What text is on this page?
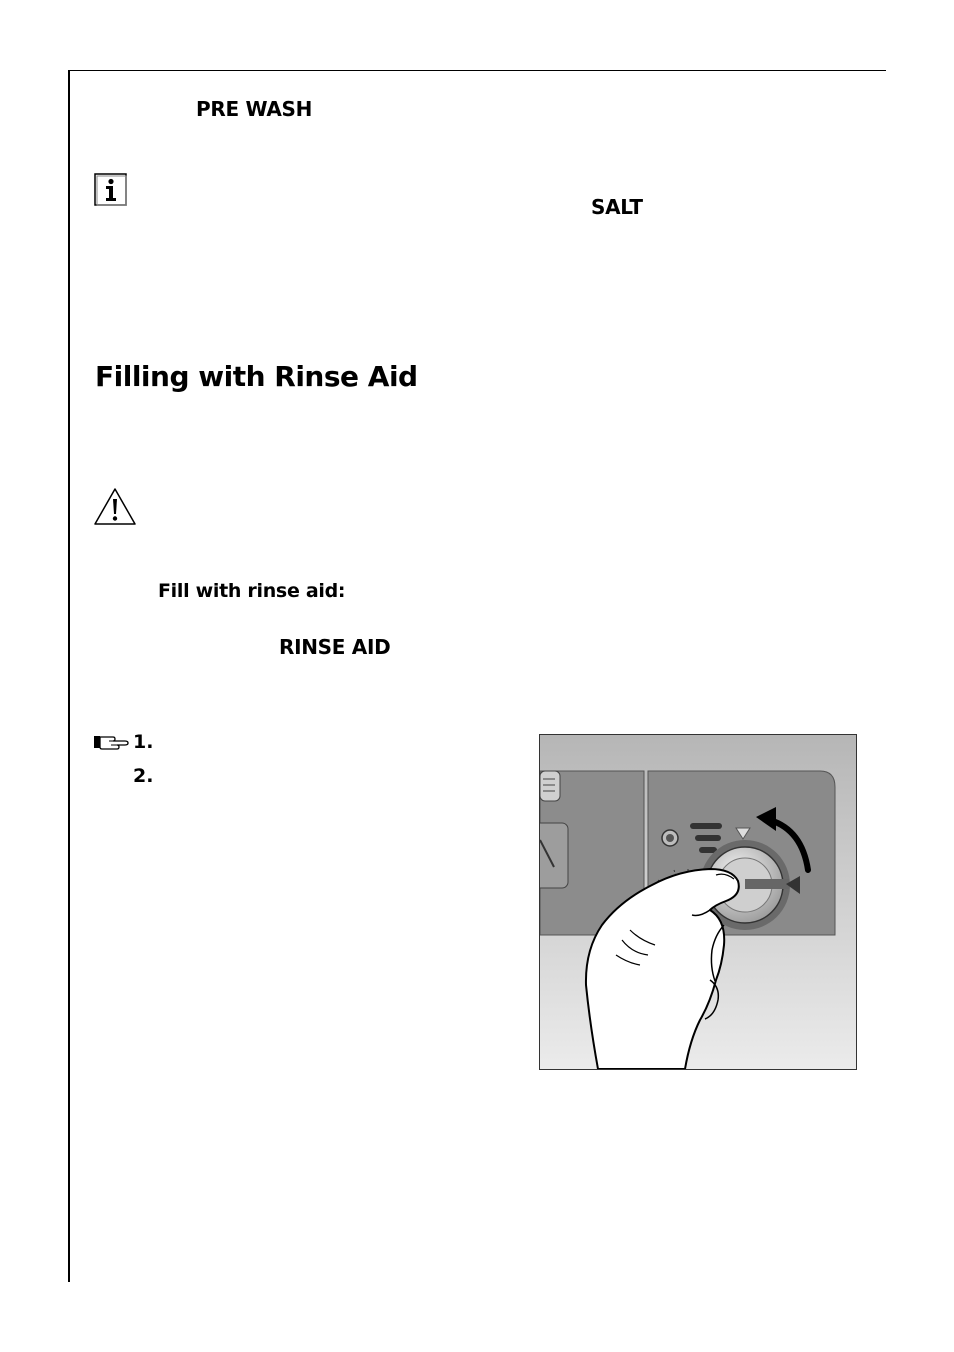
PRE WASH
SALT
Filling with Rinse Aid
Fill with rinse aid:
RINSE AID
1.
2.
